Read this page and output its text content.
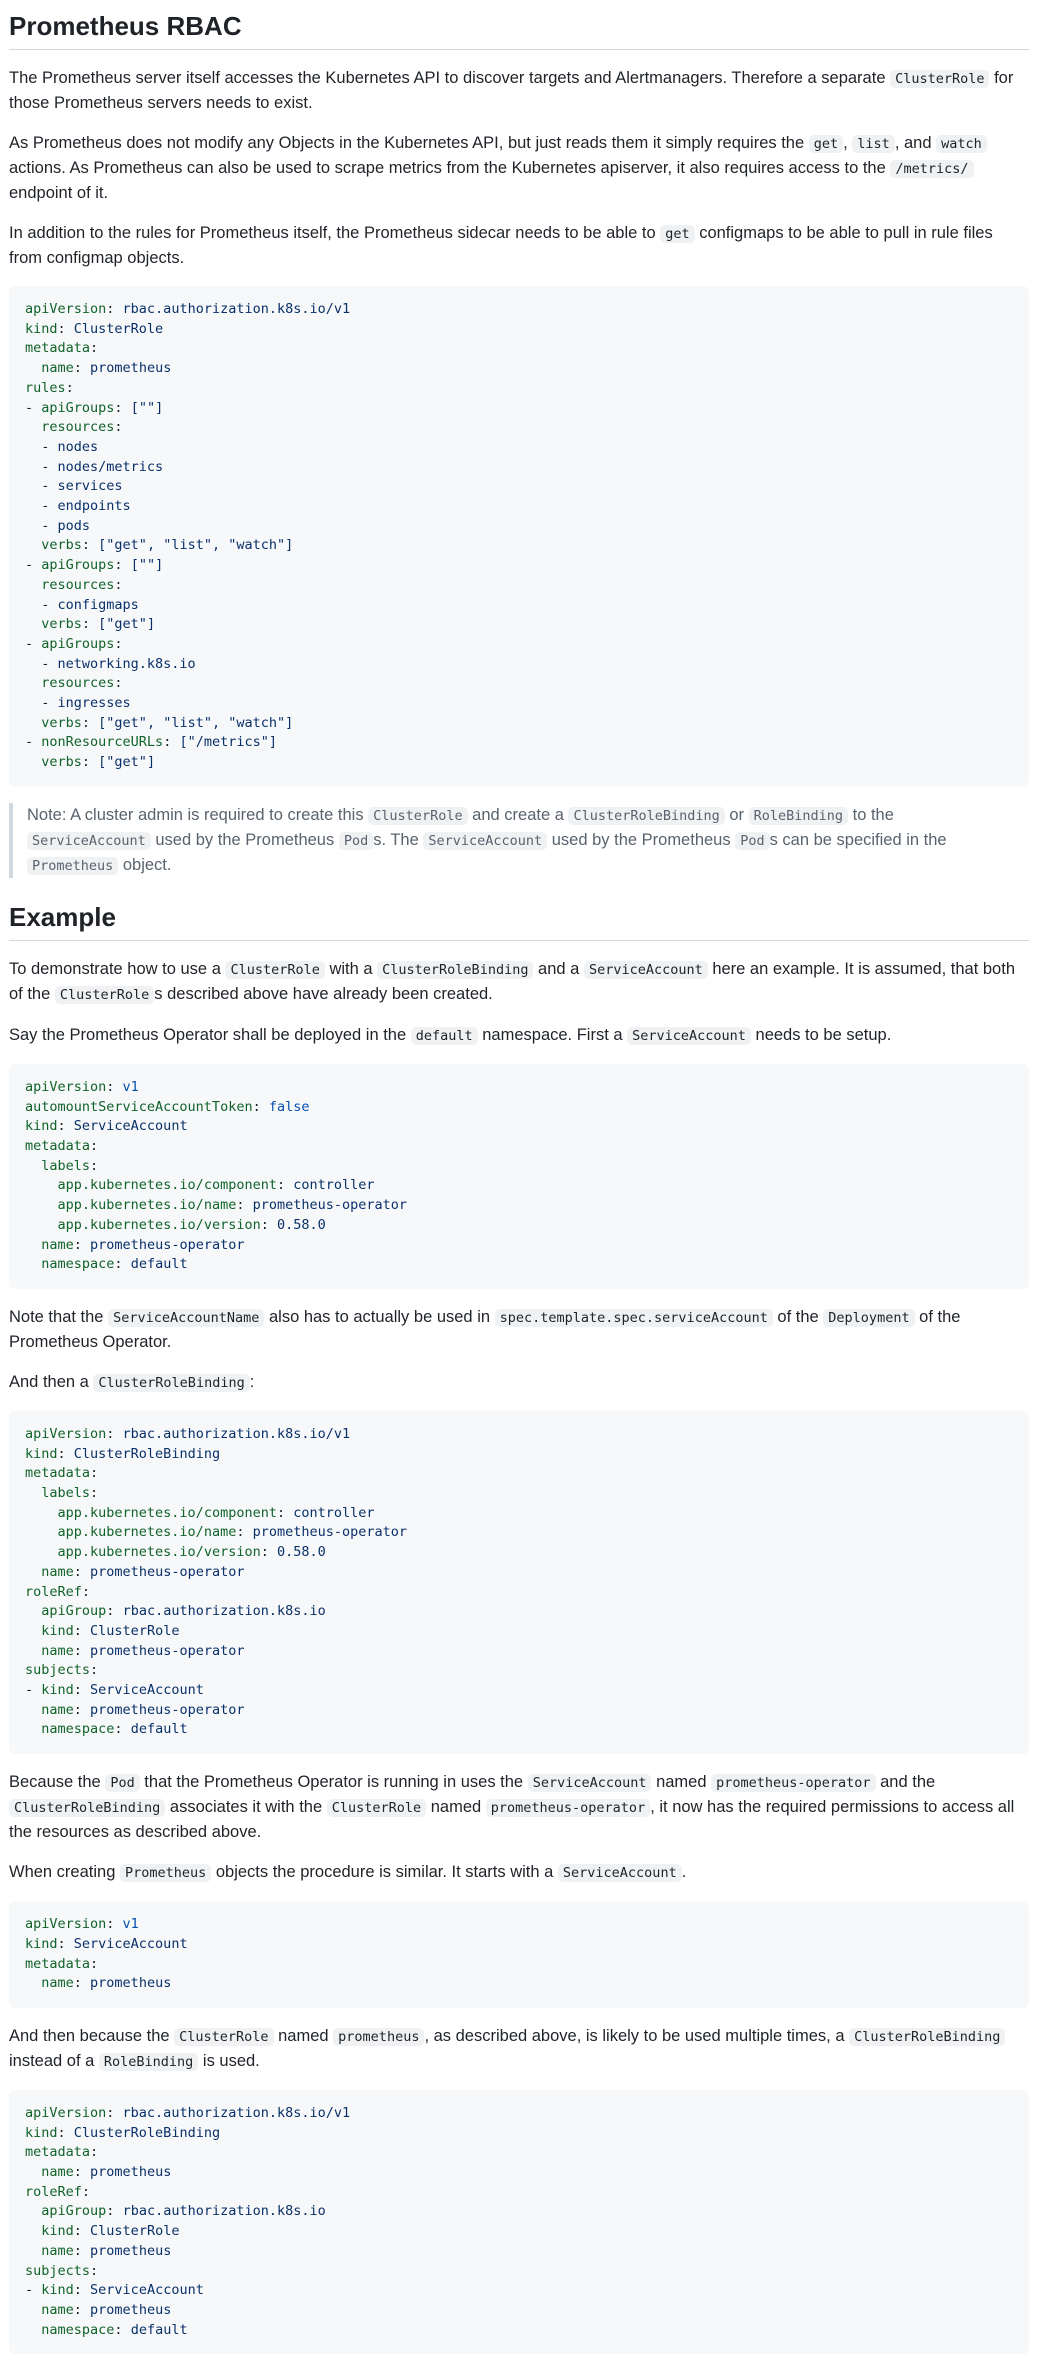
Prometheus RBAC

The Prometheus server itself accesses the Kubernetes API to discover targets and Alertmanagers. Therefore a separate ClusterRole for those Prometheus servers needs to exist.

As Prometheus does not modify any Objects in the Kubernetes API, but just reads them it simply requires the get , list , and watch actions. As Prometheus can also be used to scrape metrics from the Kubernetes apiserver, it also requires access to the /metrics/ endpoint of it.

In addition to the rules for Prometheus itself, the Prometheus sidecar needs to be able to get configmaps to be able to pull in rule files from configmap objects.

apiVersion: rbac.authorization.k8s.io/v1
kind: ClusterRole
metadata:
name: prometheus
rules:
- apiGroups: [""]
resources:
- nodes
- nodes/metrics
- services
- endpoints
- pods
verbs: ["get", "list", "watch"]
- apiGroups: [""]
resources:
- configmaps
verbs: ["get"]
- apiGroups:
- networking.k8s.io
resources:
- ingresses
verbs: ["get", "list", "watch"]
- nonResourceURLs: ["/metrics"]
verbs: ["get"]
Note: A cluster admin is required to create this ClusterRole and create a ClusterRoleBinding or RoleBinding to the ServiceAccount used by the Prometheus Pod s. The ServiceAccount used by the Prometheus Pod s can be specified in the Prometheus object.
Example

To demonstrate how to use a ClusterRole with a ClusterRoleBinding and a ServiceAccount here an example. It is assumed, that both of the ClusterRole s described above have already been created.

Say the Prometheus Operator shall be deployed in the default namespace. First a ServiceAccount needs to be setup.

apiVersion: v1
automountServiceAccountToken: false
kind: ServiceAccount
metadata:
labels:
app.kubernetes.io/component: controller
app.kubernetes.io/name: prometheus-operator
app.kubernetes.io/version: 0.58.0
name: prometheus-operator
namespace: default

Note that the ServiceAccountName also has to actually be used in spec.template.spec.serviceAccount of the Deployment of the Prometheus Operator.

And then a ClusterRoleBinding :

apiVersion: rbac.authorization.k8s.io/v1
kind: ClusterRoleBinding
metadata:
labels:
app.kubernetes.io/component: controller
app.kubernetes.io/name: prometheus-operator
app.kubernetes.io/version: 0.58.0
name: prometheus-operator
roleRef:
apiGroup: rbac.authorization.k8s.io
kind: ClusterRole
name: prometheus-operator
subjects:
- kind: ServiceAccount
name: prometheus-operator
namespace: default

Because the Pod that the Prometheus Operator is running in uses the ServiceAccount named prometheus-operator and the ClusterRoleBinding associates it with the ClusterRole named prometheus-operator , it now has the required permissions to access all the resources as described above.

When creating Prometheus objects the procedure is similar. It starts with a ServiceAccount .

apiVersion: v1
kind: ServiceAccount
metadata:
name: prometheus

And then because the ClusterRole named prometheus , as described above, is likely to be used multiple times, a ClusterRoleBinding instead of a RoleBinding is used.

apiVersion: rbac.authorization.k8s.io/v1
kind: ClusterRoleBinding
metadata:
name: prometheus
roleRef:
apiGroup: rbac.authorization.k8s.io
kind: ClusterRole
name: prometheus
subjects:
- kind: ServiceAccount
name: prometheus
namespace: default
